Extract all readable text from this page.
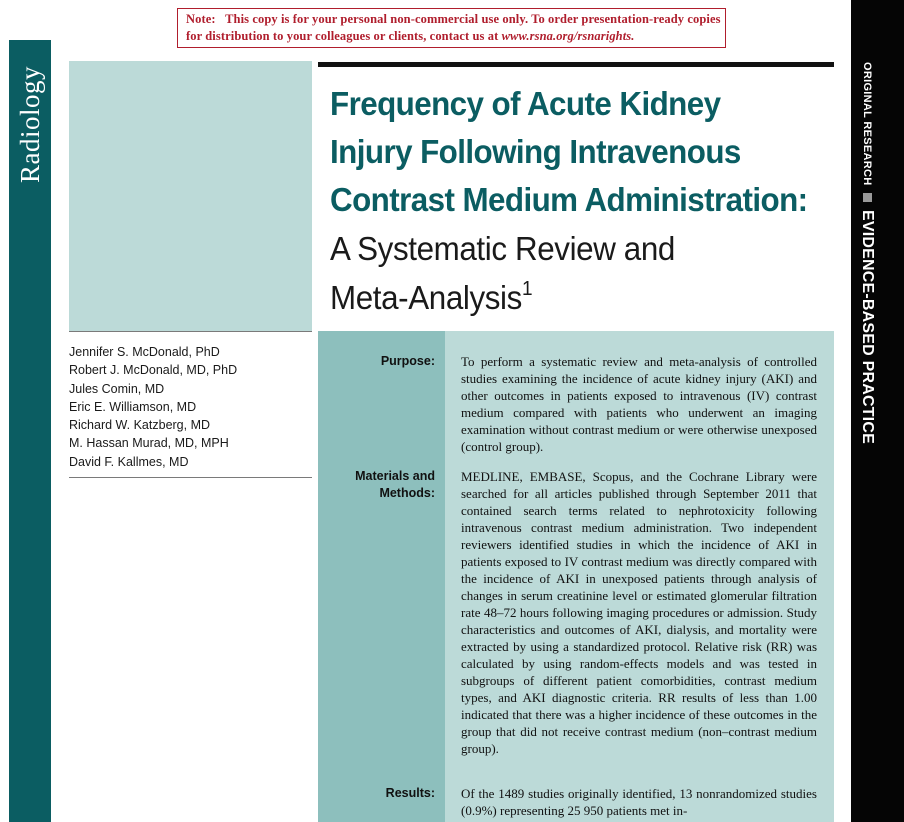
Note: This copy is for your personal non-commercial use only. To order presentation-ready copies for distribution to your colleagues or clients, contact us at www.rsna.org/rsnarights.
Radiology
Jennifer S. McDonald, PhD
Robert J. McDonald, MD, PhD
Jules Comin, MD
Eric E. Williamson, MD
Richard W. Katzberg, MD
M. Hassan Murad, MD, MPH
David F. Kallmes, MD
Frequency of Acute Kidney
Injury Following Intravenous
Contrast Medium Administration:
A Systematic Review and
Meta-Analysis$^1$
Purpose: To perform a systematic review and meta-analysis of controlled studies examining the incidence of acute kidney injury (AKI) and other outcomes in patients exposed to intravenous (IV) contrast medium compared with patients who underwent an imaging examination without contrast medium or were otherwise unexposed (control group).
Materials and
Methods:
MEDLINE, EMBASE, Scopus, and the Cochrane Library were searched for all articles published through September 2011 that contained search terms related to nephrotoxicity following intravenous contrast medium administration. Two independent reviewers identified studies in which the incidence of AKI in patients exposed to IV contrast medium was directly compared with the incidence of AKI in unexposed patients through analysis of changes in serum creatinine level or estimated glomerular filtration rate 48–72 hours following imaging procedures or admission. Study characteristics and outcomes of AKI, dialysis, and mortality were extracted by using a standardized protocol. Relative risk (RR) was calculated by using random-effects models and was tested in subgroups of different patient comorbidities, contrast medium types, and AKI diagnostic criteria. RR results of less than 1.00 indicated that there was a higher incidence of these outcomes in the group that did not receive contrast medium (non–contrast medium group).
Results: Of the 1489 studies originally identified, 13 nonrandomized studies (0.9%) representing 25 950 patients met in-
ORIGINAL RESEARCH
EVIDENCE-BASED PRACTICE
